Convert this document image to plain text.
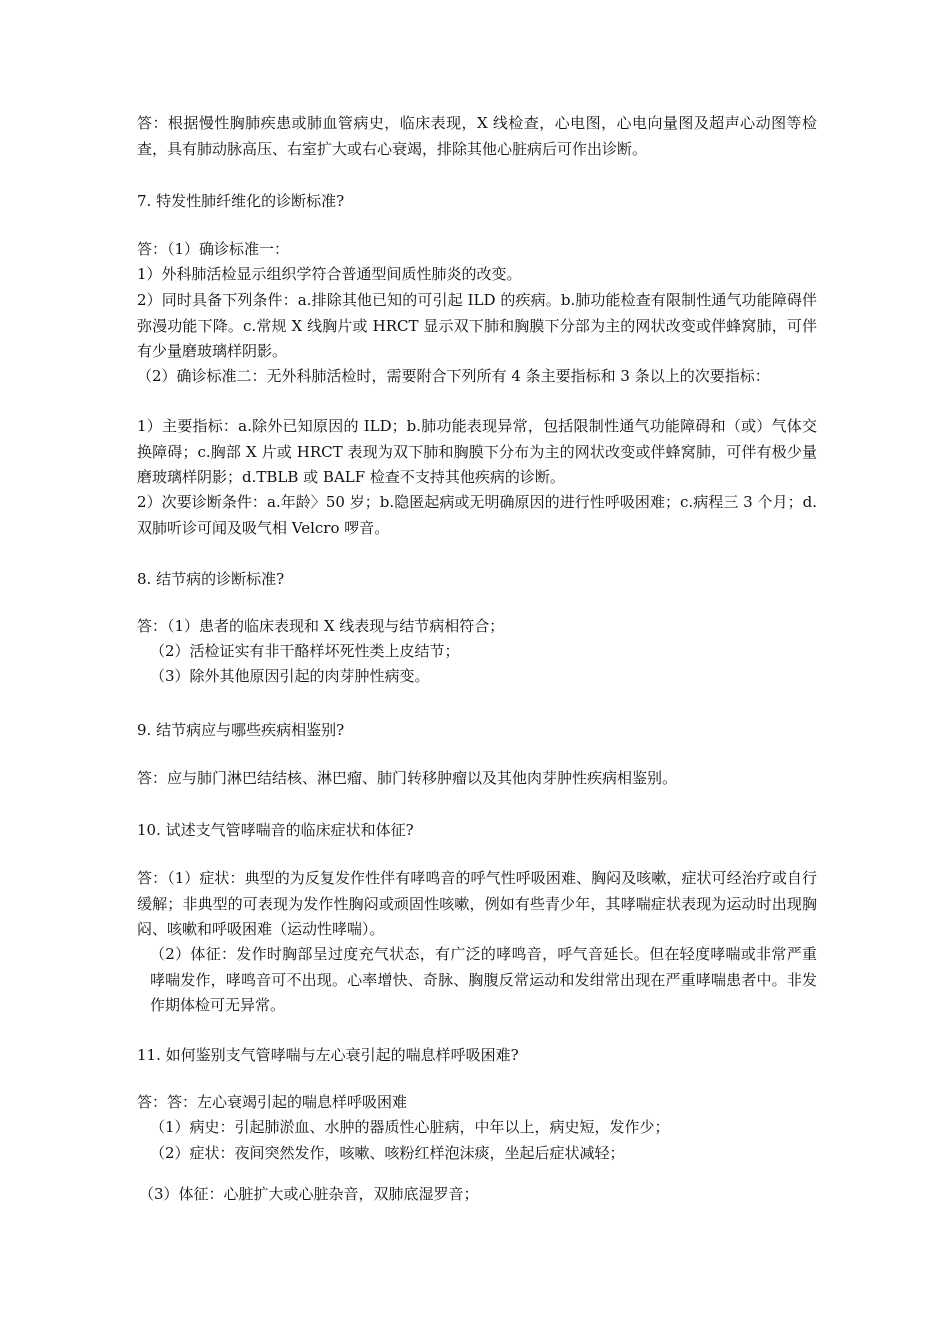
答：根据慢性胸肺疾患或肺血管病史，临床表现，X 线检查，心电图，心电向量图及超声心动图等检查，具有肺动脉高压、右室扩大或右心衰竭，排除其他心脏病后可作出诊断。

7. 特发性肺纤维化的诊断标准?

答：（1）确诊标准一：

1）外科肺活检显示组织学符合普通型间质性肺炎的改变。

2）同时具备下列条件：a.排除其他已知的可引起 ILD 的疾病。b.肺功能检查有限制性通气功能障碍伴弥漫功能下降。c.常规 X 线胸片或 HRCT 显示双下肺和胸膜下分部为主的网状改变或伴蜂窝肺，可伴有少量磨玻璃样阴影。

（2）确诊标准二：无外科肺活检时，需要附合下列所有 4 条主要指标和 3 条以上的次要指标：

1）主要指标：a.除外已知原因的 ILD；b.肺功能表现异常，包括限制性通气功能障碍和（或）气体交换障碍；c.胸部 X 片或 HRCT 表现为双下肺和胸膜下分布为主的网状改变或伴蜂窝肺，可伴有极少量磨玻璃样阴影；d.TBLB 或 BALF 检查不支持其他疾病的诊断。

2）次要诊断条件：a.年龄〉50 岁；b.隐匿起病或无明确原因的进行性呼吸困难；c.病程三 3 个月；d.双肺听诊可闻及吸气相 Velcro 啰音。

8. 结节病的诊断标准?

答：（1）患者的临床表现和 X 线表现与结节病相符合；

（2）活检证实有非干酪样坏死性类上皮结节；

（3）除外其他原因引起的肉芽肿性病变。

9. 结节病应与哪些疾病相鉴别?

答：应与肺门淋巴结结核、淋巴瘤、肺门转移肿瘤以及其他肉芽肿性疾病相鉴别。

10. 试述支气管哮喘音的临床症状和体征?

答：（1）症状：典型的为反复发作性伴有哮鸣音的呼气性呼吸困难、胸闷及咳嗽，症状可经治疗或自行缓解；非典型的可表现为发作性胸闷或顽固性咳嗽，例如有些青少年，其哮喘症状表现为运动时出现胸闷、咳嗽和呼吸困难（运动性哮喘）。

（2）体征：发作时胸部呈过度充气状态，有广泛的哮鸣音，呼气音延长。但在轻度哮喘或非常严重哮喘发作，哮鸣音可不出现。心率增快、奇脉、胸腹反常运动和发绀常出现在严重哮喘患者中。非发作期体检可无异常。

11. 如何鉴别支气管哮喘与左心衰引起的喘息样呼吸困难?

答：答：左心衰竭引起的喘息样呼吸困难

（1）病史：引起肺淤血、水肿的器质性心脏病，中年以上，病史短，发作少；

（2）症状：夜间突然发作，咳嗽、咳粉红样泡沫痰，坐起后症状减轻；

（3）体征：心脏扩大或心脏杂音，双肺底湿罗音；
